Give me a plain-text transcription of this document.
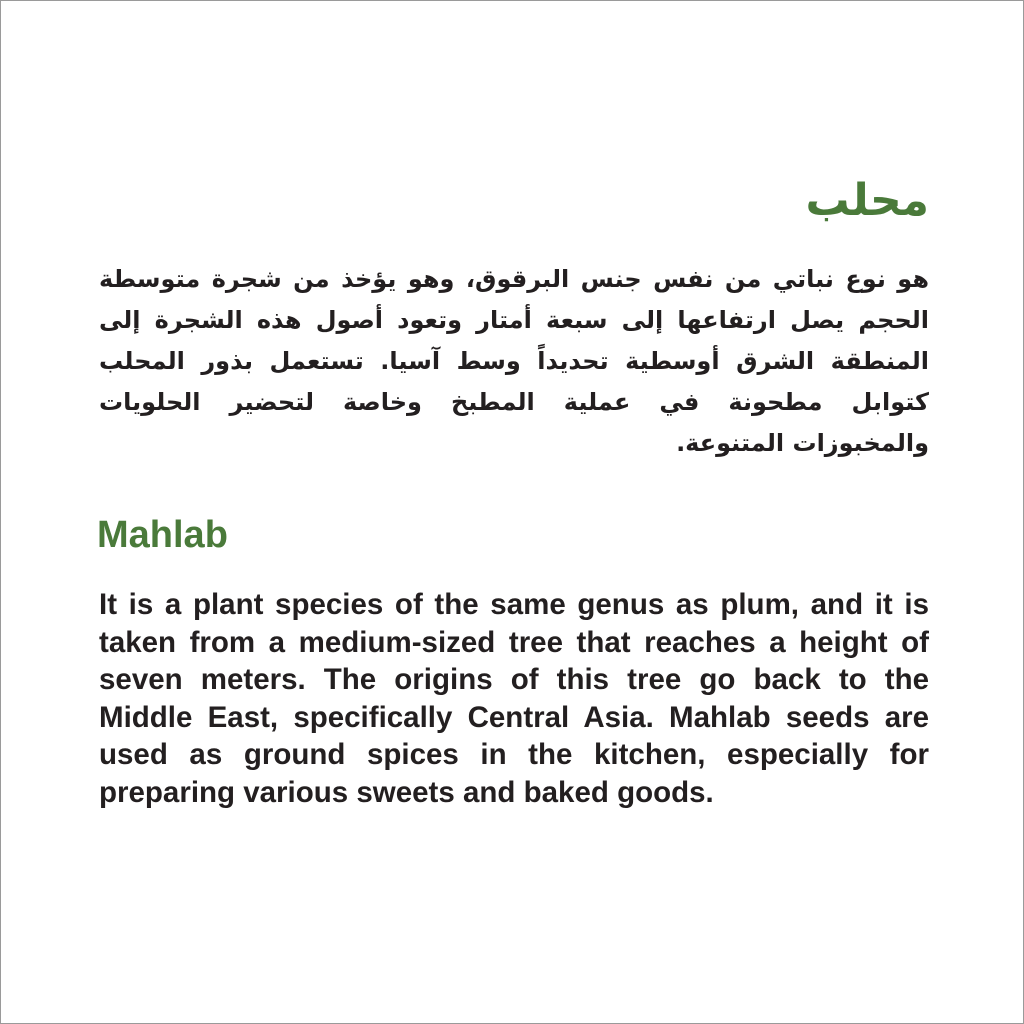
محلب

هو نوع نباتي من نفس جنس البرقوق، وهو يؤخذ من شجرة متوسطة الحجم يصل ارتفاعها إلى سبعة أمتار وتعود أصول هذه الشجرة إلى المنطقة الشرق أوسطية تحديداً وسط آسيا. تستعمل بذور المحلب كتوابل مطحونة في عملية المطبخ وخاصة لتحضير الحلويات والمخبوزات المتنوعة.

Mahlab

It is a plant species of the same genus as plum, and it is taken from a medium-sized tree that reaches a height of seven meters. The origins of this tree go back to the Middle East, specifically Central Asia. Mahlab seeds are used as ground spices in the kitchen, especially for preparing various sweets and baked goods.
